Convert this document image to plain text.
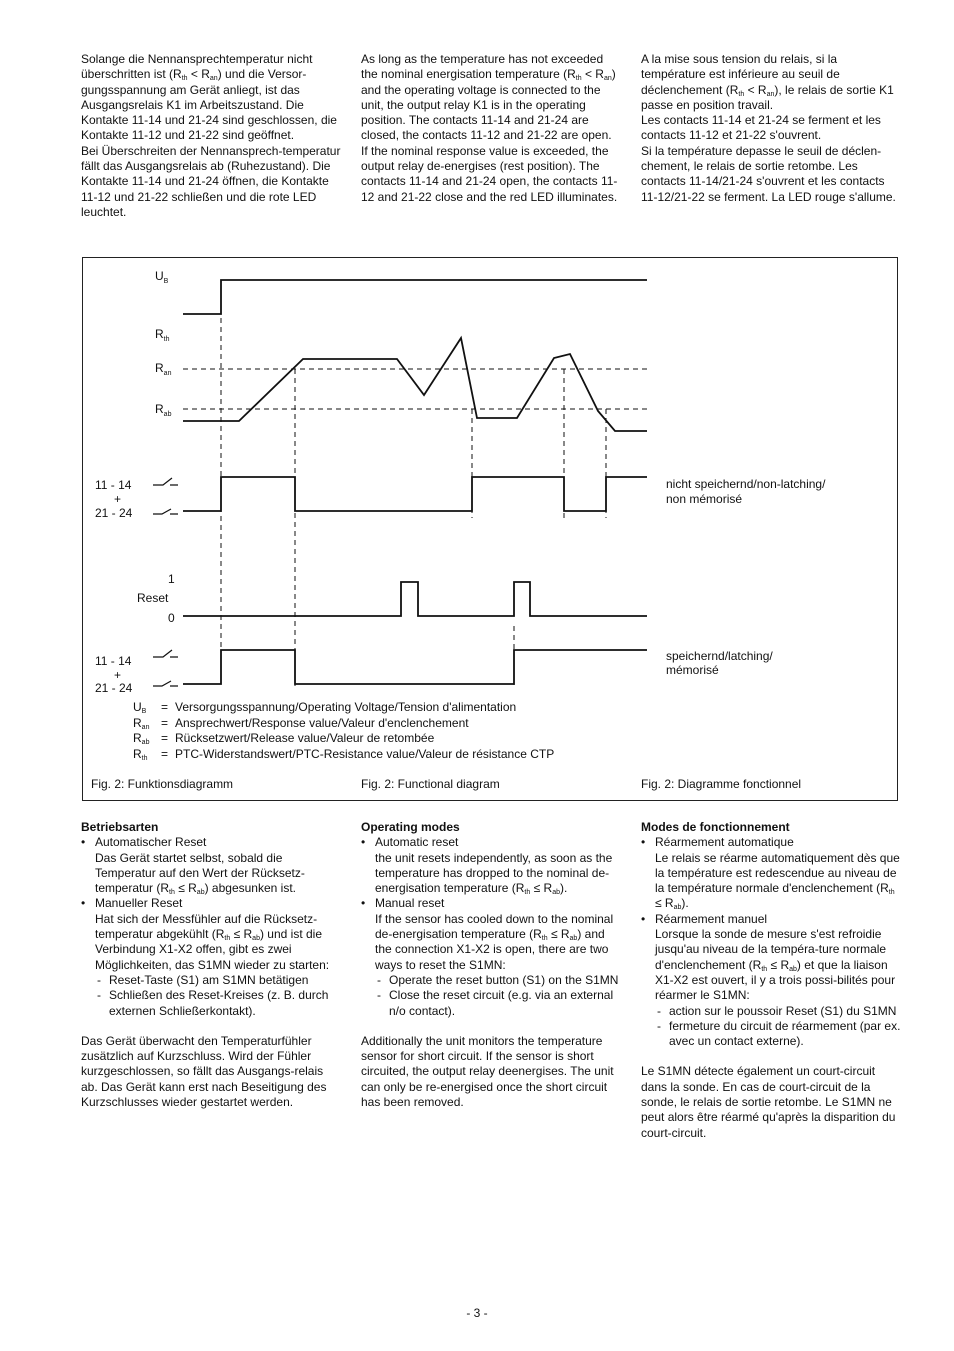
Solange die Nennansprechtemperatur nicht überschritten ist $(R_{th} < R_{an})$ und die Versor-gungsspannung am Gerät anliegt, ist das Ausgangsrelais K1 im Arbeitszustand. Die Kontakte 11-14 und 21-24 sind geschlossen, die Kontakte 11-12 und 21-22 sind geöffnet.

Bei Überschreiten der Nennansprech-temperatur fällt das Ausgangsrelais ab (Ruhezustand). Die Kontakte 11-14 und 21-24 öffnen, die Kontakte 11-12 und 21-22 schließen und die rote LED leuchtet.

As long as the temperature has not exceeded the nominal energisation temperature $(R_{th} < R_{an})$ and the operating voltage is connected to the unit, the output relay K1 is in the operating position. The contacts 11-14 and 21-24 are closed, the contacts 11-12 and 21-22 are open.

If the nominal response value is exceeded, the output relay de-energises (rest position). The contacts 11-14 and 21-24 open, the contacts 11-12 and 21-22 close and the red LED illuminates.

A la mise sous tension du relais, si la température est inférieure au seuil de déclenchement $(R_{th} < R_{an})$, le relais de sortie K1 passe en position travail.

Les contacts 11-14 et 21-24 se ferment et les contacts 11-12 et 21-22 s'ouvrent.

Si la température depasse le seuil de déclen- chement, le relais de sortie retombe. Les contacts 11-14/21-24 s'ouvrent et les contacts 11-12/21-22 se ferment. La LED rouge s'allume.

$U_B$
$R_{th}$
$R_{an}$
$R_{ab}$
11 - 14
+
21 - 24
1
Reset
0
11 - 14
+
21 - 24
nicht speichernd/non-latching/
non mémorisé
speichernd/latching/
mémorisé
$U_B$	= Versorgungsspannung/Operating Voltage/Tension d'alimentation
$R_{an}$ = Ansprechwert/Response value/Valeur d'enclenchement
$R_{ab}$ = Rücksetzwert/Release value/Valeur de retombée
$R_{th}$	= PTC-Widerstandswert/PTC-Resistance value/Valeur de résistance CTP
Fig. 2: Funktionsdiagramm	Fig. 2: Functional diagram	Fig. 2: Diagramme fonctionnel
Betriebsarten
• Automatischer Reset
Das Gerät startet selbst, sobald die Temperatur auf den Wert der Rücksetz-temperatur $(R_{th} \le R_{ab})$ abgesunken ist.
• Manueller Reset
Hat sich der Messfühler auf die Rücksetz-temperatur abgekühlt $(R_{th} \le R_{ab})$ und ist die Verbindung X1-X2 offen, gibt es zwei Möglichkeiten, das S1MN wieder zu starten:
- Reset-Taste (S1) am S1MN betätigen
- Schließen des Reset-Kreises (z. B. durch externen Schließerkontakt).

Das Gerät überwacht den Temperaturfühler zusätzlich auf Kurzschluss. Wird der Fühler kurzgeschlossen, so fällt das Ausgangs-relais ab. Das Gerät kann erst nach Beseitigung des Kurzschlusses wieder gestartet werden.

Operating modes
• Automatic reset
the unit resets independently, as soon as the temperature has dropped to the nominal de-energisation temperature $(R_{th} \le R_{ab})$.
• Manual reset
If the sensor has cooled down to the nominal de-energisation temperature $(R_{th} \le R_{ab})$ and the connection X1-X2 is open, there are two ways to reset the S1MN:
- Operate the reset button (S1) on the S1MN
- Close the reset circuit (e.g. via an external n/o contact).

Additionally the unit monitors the temperature sensor for short circuit. If the sensor is short circuited, the output relay deenergises. The unit can only be re-energised once the short circuit has been removed.

Modes de fonctionnement
• Réarmement automatique
Le relais se réarme automatiquement dès que la température est redescendue au niveau de la température normale d'enclenchement $(R_{th} \le R_{ab})$.
• Réarmement manuel
Lorsque la sonde de mesure s'est refroidie jusqu'au niveau de la tempéra-ture normale d'enclenchement $(R_{th} \le R_{ab})$ et que la liaison X1-X2 est ouvert, il y a trois possi-bilités pour réarmer le S1MN:
- action sur le poussoir Reset (S1) du S1MN
- fermeture du circuit de réarmement (par ex. avec un contact externe).

Le S1MN détecte également un court-circuit dans la sonde. En cas de court-circuit de la sonde, le relais de sortie retombe. Le S1MN ne peut alors être réarmé qu'après la disparition du court-circuit.

- 3 -
